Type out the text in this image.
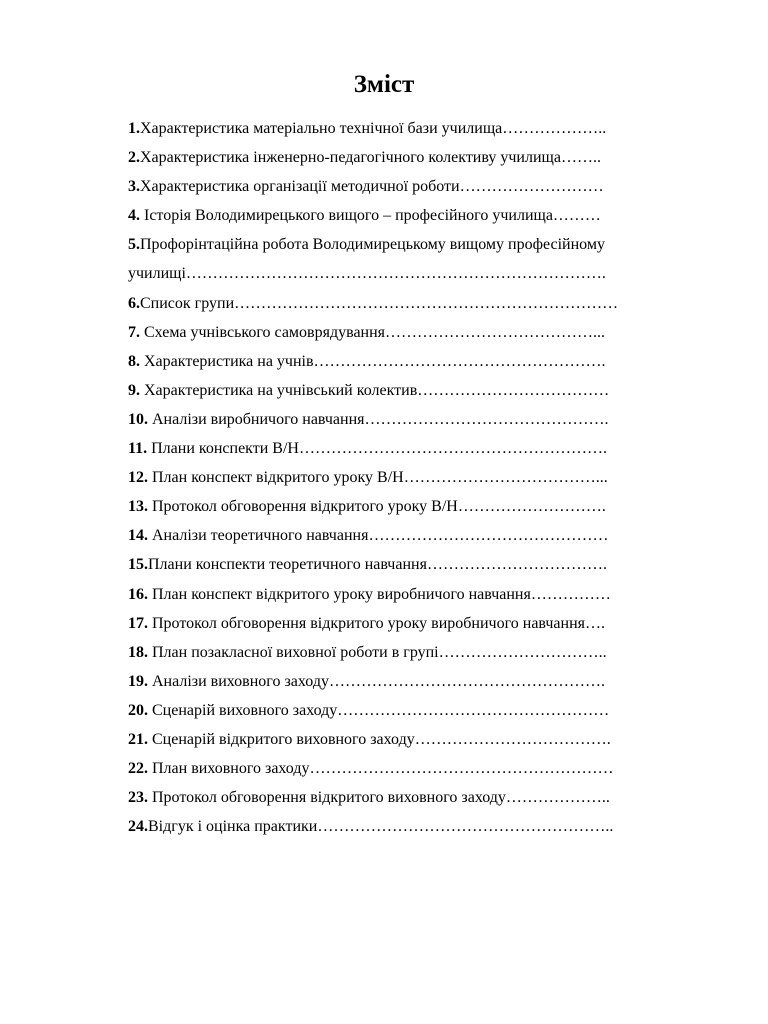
Зміст
1.Характеристика матеріально технічної бази училища………………..
2.Характеристика інженерно-педагогічного колективу училища……..
3.Характеристика організації методичної роботи………………………
4. Історія Володимирецького вищого – професійного училища………
5.Профорінтаційна робота Володимирецькому вищому професійному
училищі…………………………………………………………………….
6.Список групи………………………………………………………………
7. Схема учнівського самоврядування…………………………………...
8. Характеристика на учнів……………………………………………….
9. Характеристика на учнівський колектив………………………………
10. Аналізи виробничого навчання……………………………………….
11. Плани конспекти В/Н………………………………………………….
12. План конспект відкритого уроку В/Н………………………………...
13. Протокол обговорення відкритого уроку В/Н……………………….
14. Аналізи теоретичного навчання………………………………………
15.Плани конспекти теоретичного навчання…………………………….
16. План конспект відкритого уроку виробничого навчання……………
17. Протокол обговорення відкритого уроку виробничого навчання….
18. План позакласної виховної роботи в групі…………………………..
19. Аналізи виховного заходу…………………………………………….
20. Сценарій виховного заходу……………………………………………
21. Сценарій відкритого виховного заходу……………………………….
22. План виховного заходу…………………………………………………
23. Протокол обговорення відкритого виховного заходу………………..
24.Відгук і оцінка практики………………………………………………..
